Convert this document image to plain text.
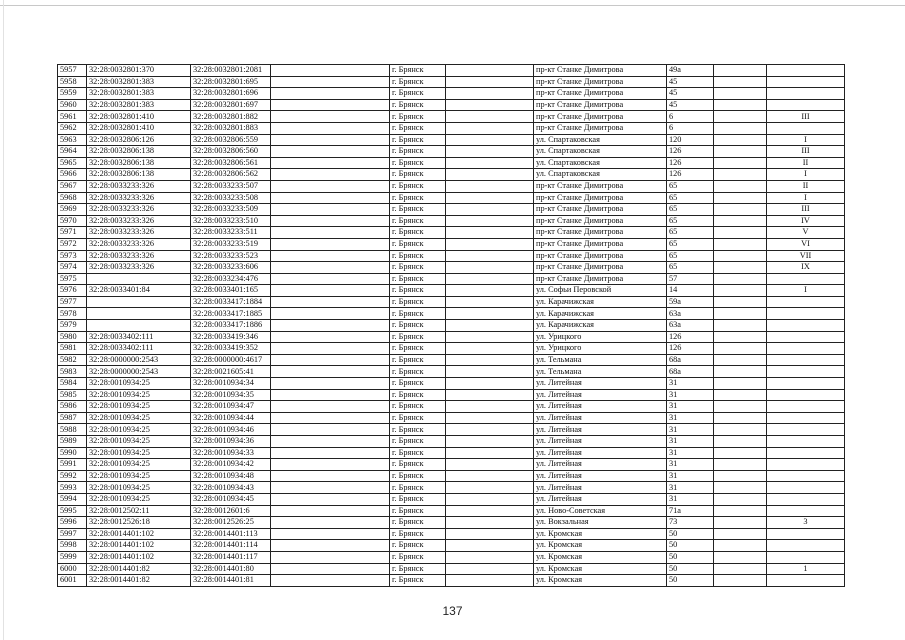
5957	32:28:0032801:370	32:28:0032801:2081		г. Брянск		пр-кт Станке Димитрова	49а		
5958	32:28:0032801:383	32:28:0032801:695		г. Брянск		пр-кт Станке Димитрова	45		
5959	32:28:0032801:383	32:28:0032801:696		г. Брянск		пр-кт Станке Димитрова	45		
5960	32:28:0032801:383	32:28:0032801:697		г. Брянск		пр-кт Станке Димитрова	45		
5961	32:28:0032801:410	32:28:0032801:882		г. Брянск		пр-кт Станке Димитрова	6		III
5962	32:28:0032801:410	32:28:0032801:883		г. Брянск		пр-кт Станке Димитрова	6		
5963	32:28:0032806:126	32:28:0032806:559		г. Брянск		ул. Спартаковская	120		I
5964	32:28:0032806:138	32:28:0032806:560		г. Брянск		ул. Спартаковская	126		III
5965	32:28:0032806:138	32:28:0032806:561		г. Брянск		ул. Спартаковская	126		II
5966	32:28:0032806:138	32:28:0032806:562		г. Брянск		ул. Спартаковская	126		I
5967	32:28:0033233:326	32:28:0033233:507		г. Брянск		пр-кт Станке Димитрова	65		II
5968	32:28:0033233:326	32:28:0033233:508		г. Брянск		пр-кт Станке Димитрова	65		I
5969	32:28:0033233:326	32:28:0033233:509		г. Брянск		пр-кт Станке Димитрова	65		III
5970	32:28:0033233:326	32:28:0033233:510		г. Брянск		пр-кт Станке Димитрова	65		IV
5971	32:28:0033233:326	32:28:0033233:511		г. Брянск		пр-кт Станке Димитрова	65		V
5972	32:28:0033233:326	32:28:0033233:519		г. Брянск		пр-кт Станке Димитрова	65		VI
5973	32:28:0033233:326	32:28:0033233:523		г. Брянск		пр-кт Станке Димитрова	65		VII
5974	32:28:0033233:326	32:28:0033233:606		г. Брянск		пр-кт Станке Димитрова	65		IX
5975		32:28:0033234:476		г. Брянск		пр-кт Станке Димитрова	57		
5976	32:28:0033401:84	32:28:0033401:165		г. Брянск		ул. Софьи Перовской	14		I
5977		32:28:0033417:1884		г. Брянск		ул. Карачижская	59а		
5978		32:28:0033417:1885		г. Брянск		ул. Карачижская	63а		
5979		32:28:0033417:1886		г. Брянск		ул. Карачижская	63а		
5980	32:28:0033402:111	32:28:0033419:346		г. Брянск		ул. Урицкого	126		
5981	32:28:0033402:111	32:28:0033419:352		г. Брянск		ул. Урицкого	126		
5982	32:28:0000000:2543	32:28:0000000:4617		г. Брянск		ул. Тельмана	68а		
5983	32:28:0000000:2543	32:28:0021605:41		г. Брянск		ул. Тельмана	68а		
5984	32:28:0010934:25	32:28:0010934:34		г. Брянск		ул. Литейная	31		
5985	32:28:0010934:25	32:28:0010934:35		г. Брянск		ул. Литейная	31		
5986	32:28:0010934:25	32:28:0010934:47		г. Брянск		ул. Литейная	31		
5987	32:28:0010934:25	32:28:0010934:44		г. Брянск		ул. Литейная	31		
5988	32:28:0010934:25	32:28:0010934:46		г. Брянск		ул. Литейная	31		
5989	32:28:0010934:25	32:28:0010934:36		г. Брянск		ул. Литейная	31		
5990	32:28:0010934:25	32:28:0010934:33		г. Брянск		ул. Литейная	31		
5991	32:28:0010934:25	32:28:0010934:42		г. Брянск		ул. Литейная	31		
5992	32:28:0010934:25	32:28:0010934:48		г. Брянск		ул. Литейная	31		
5993	32:28:0010934:25	32:28:0010934:43		г. Брянск		ул. Литейная	31		
5994	32:28:0010934:25	32:28:0010934:45		г. Брянск		ул. Литейная	31		
5995	32:28:0012502:11	32:28:0012601:6		г. Брянск		ул. Ново-Советская	71а		
5996	32:28:0012526:18	32:28:0012526:25		г. Брянск		ул. Вокзальная	73		3
5997	32:28:0014401:102	32:28:0014401:113		г. Брянск		ул. Кромская	50		
5998	32:28:0014401:102	32:28:0014401:114		г. Брянск		ул. Кромская	50		
5999	32:28:0014401:102	32:28:0014401:117		г. Брянск		ул. Кромская	50		
6000	32:28:0014401:82	32:28:0014401:80		г. Брянск		ул. Кромская	50		1
6001	32:28:0014401:82	32:28:0014401:81		г. Брянск		ул. Кромская	50		
137
